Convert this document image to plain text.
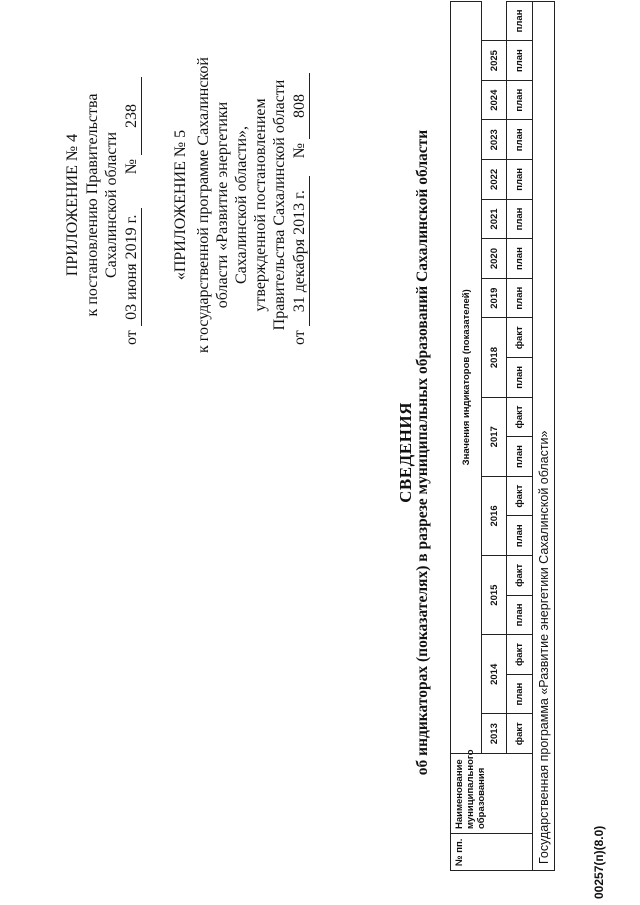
ПРИЛОЖЕНИЕ № 4 к постановлению Правительства Сахалинской области
от 03 июня 2019 г.  № 238
«ПРИЛОЖЕНИЕ № 5 к государственной программе Сахалинской области «Развитие энергетики Сахалинской области», утвержденной постановлением Правительства Сахалинской области
от 31 декабря 2013 г.  № 808
СВЕДЕНИЯ об индикаторах (показателях) в разрезе муниципальных образований Сахалинской области
№ пп.	Наименование муниципального образования	Значения индикаторов (показателей)																		
		2013	2014		2015		2016		2017		2018		2019	2020	2021	2022	2023	2024	2025	
		факт	план	факт	план	факт	план	факт	план	факт	план	факт	план	план	план	план	план	план	план	план
Государственная программа «Развитие энергетики Сахалинской области»																					00257(п)(8.0)
